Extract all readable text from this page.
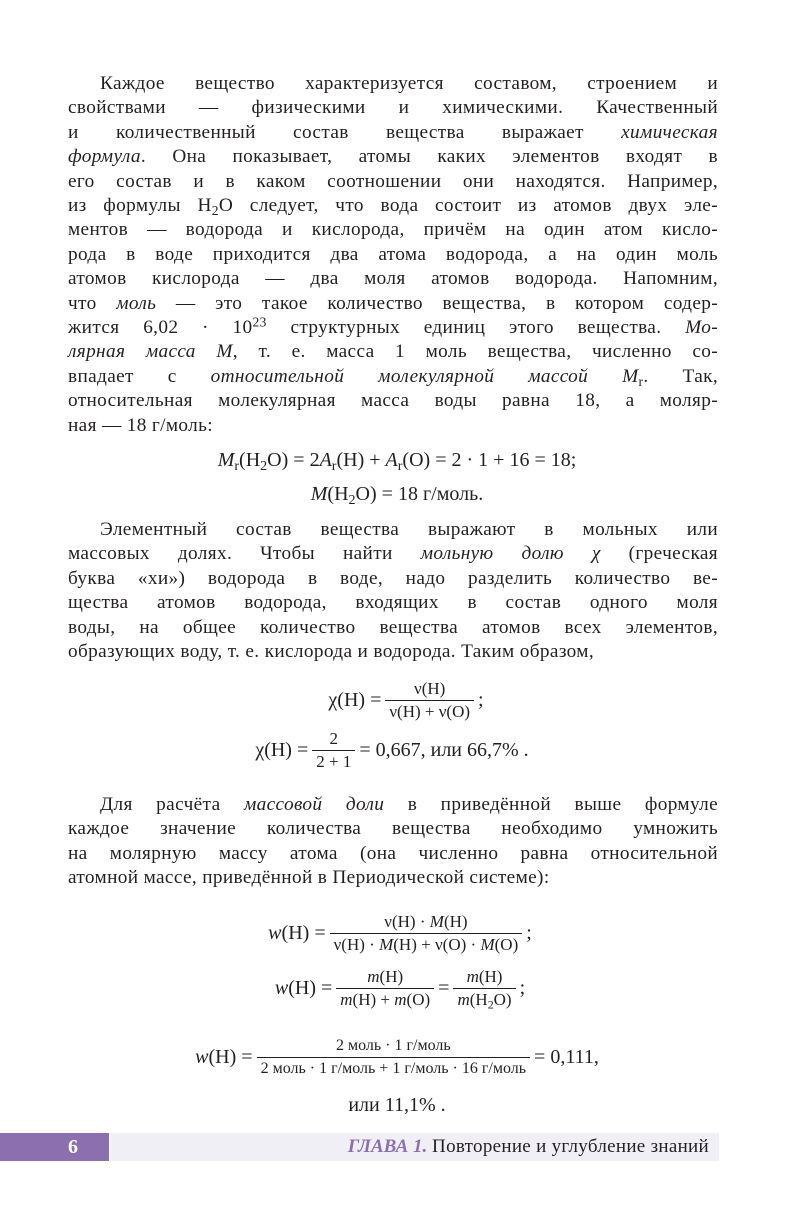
Каждое вещество характеризуется составом, строением и
свойствами — физическими и химическими. Качественный
и количественный состав вещества выражает химическая
формула. Она показывает, атомы каких элементов входят в
его состав и в каком соотношении они находятся. Например,
из формулы $H_2O$ следует, что вода состоит из атомов двух эле-
ментов — водорода и кислорода, причём на один атом кисло-
рода в воде приходится два атома водорода, а на один моль
атомов кислорода — два моля атомов водорода. Напомним,
что моль — это такое количество вещества, в котором содер-
жится $6,02 \cdot 10^{23}$ структурных единиц этого вещества. Мо-
лярная масса M, т. е. масса 1 моль вещества, численно со-
впадает с относительной молекулярной массой $M_r$. Так,
относительная молекулярная масса воды равна 18, а моляр-
ная — 18 г/моль:
$M_r(H_2O) = 2A_r(H) + A_r(O) = 2 \cdot 1 + 16 = 18$;
$M(H_2O) = 18$ г/моль.
Элементный состав вещества выражают в мольных или
массовых долях. Чтобы найти мольную долю χ (греческая
буква «хи») водорода в воде, надо разделить количество ве-
щества атомов водорода, входящих в состав одного моля
воды, на общее количество вещества атомов всех элементов,
образующих воду, т. е. кислорода и водорода. Таким образом,
$\chi(H) = \frac{\nu(H)}{\nu(H) + \nu(O)}$ ;
$\chi(H) = \frac{2}{2 + 1} = 0,667$, или 66,7% .
Для расчёта массовой доли в приведённой выше формуле
каждое значение количества вещества необходимо умножить
на молярную массу атома (она численно равна относительной
атомной массе, приведённой в Периодической системе):
$w(H) = \frac{\nu(H) \cdot M(H)}{\nu(H) \cdot M(H) + \nu(O) \cdot M(O)}$ ;
$w(H) = \frac{m(H)}{m(H) + m(O)} = \frac{m(H)}{m(H_2O)}$ ;
$w(H) = \frac{\text{2 моль · 1 г/моль}}{\text{2 моль · 1 г/моль + 1 г/моль · 16 г/моль}} = 0,111$,
или 11,1% .
6	ГЛАВА 1. Повторение и углубление знаний
